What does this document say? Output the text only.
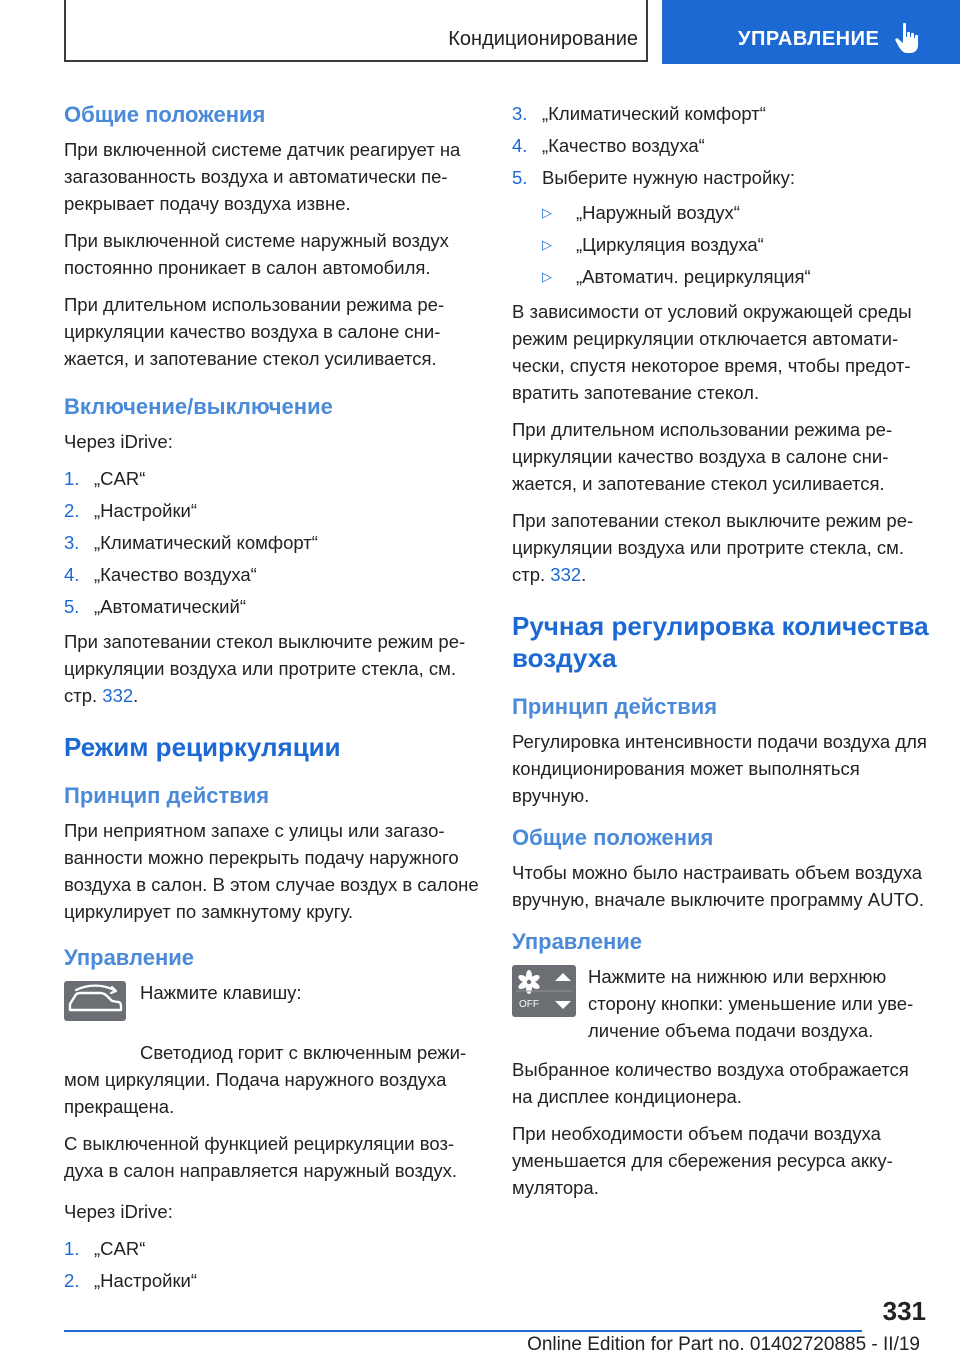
Кондиционирование	УПРАВЛЕНИЕ
Общие положения

При включенной системе датчик реагирует на загазованность воздуха и автоматически перекрывает подачу воздуха извне.

При выключенной системе наружный воздух постоянно проникает в салон автомобиля.

При длительном использовании режима рециркуляции качество воздуха в салоне снижается, и запотевание стекол усиливается.

Включение/выключение

Через iDrive:

1. „CAR“
2. „Настройки“
3. „Климатический комфорт“
4. „Качество воздуха“
5. „Автоматический“

При запотевании стекол выключите режим рециркуляции воздуха или протрите стекла, см. стр. 332.

Режим рециркуляции
Принцип действия

При неприятном запахе с улицы или загазованности можно перекрыть подачу наружного воздуха в салон. В этом случае воздух в салоне циркулирует по замкнутому кругу.

Управление

Нажмите клавишу:

Светодиод горит с включенным режимом циркуляции. Подача наружного воздуха прекращена.

С выключенной функцией рециркуляции воздуха в салон направляется наружный воздух.

Через iDrive:

1. „CAR“
2. „Настройки“
3. „Климатический комфорт“
4. „Качество воздуха“
5. Выберите нужную настройку:
▷ „Наружный воздух“
▷ „Циркуляция воздуха“
▷ „Автоматич. рециркуляция“

В зависимости от условий окружающей среды режим рециркуляции отключается автоматически, спустя некоторое время, чтобы предотвратить запотевание стекол.

При длительном использовании режима рециркуляции качество воздуха в салоне снижается, и запотевание стекол усиливается.

При запотевании стекол выключите режим рециркуляции воздуха или протрите стекла, см. стр. 332.

Ручная регулировка количества воздуха
Принцип действия

Регулировка интенсивности подачи воздуха для кондиционирования может выполняться вручную.

Общие положения

Чтобы можно было настраивать объем воздуха вручную, вначале выключите программу AUTO.

Управление
OFF

Нажмите на нижнюю или верхнюю сторону кнопки: уменьшение или увеличение объема подачи воздуха.

Выбранное количество воздуха отображается на дисплее кондиционера.

При необходимости объем подачи воздуха уменьшается для сбережения ресурса аккумулятора.

331
Online Edition for Part no. 01402720885 - II/19
